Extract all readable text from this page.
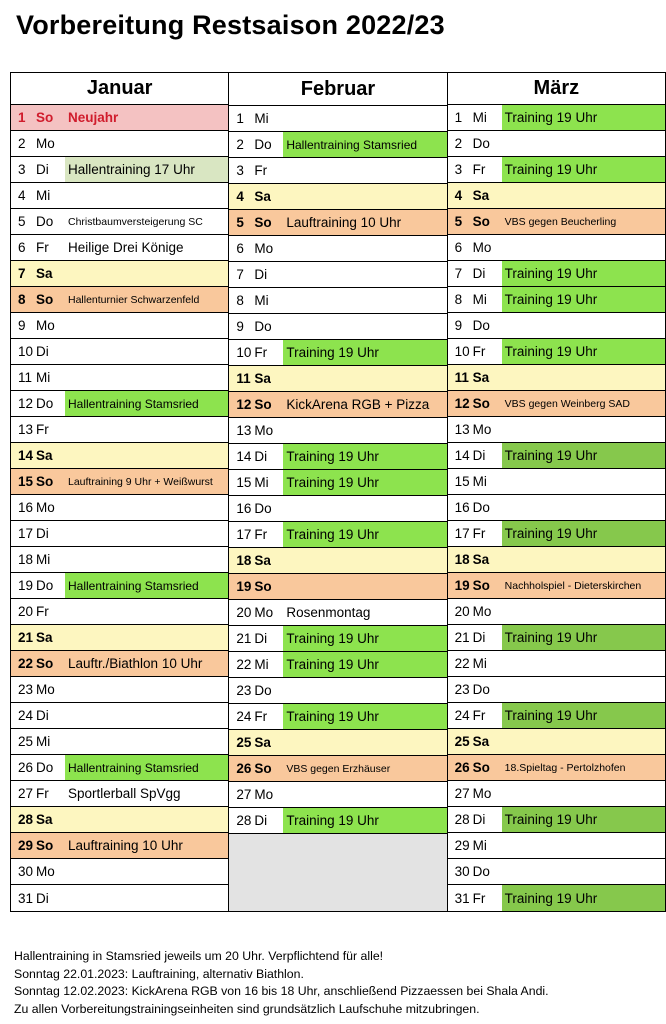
Vorbereitung Restsaison 2022/23
Januar
1 So Neujahr
2 Mo
3 Di Hallentraining 17 Uhr
4 Mi
5 Do Christbaumversteigerung SC
6 Fr Heilige Drei Könige
7 Sa
8 So Hallenturnier Schwarzenfeld
9 Mo
10 Di
11 Mi
12 Do Hallentraining Stamsried
13 Fr
14 Sa
15 So Lauftraining 9 Uhr + Weißwurst
16 Mo
17 Di
18 Mi
19 Do Hallentraining Stamsried
20 Fr
21 Sa
22 So Lauftr./Biathlon 10 Uhr
23 Mo
24 Di
25 Mi
26 Do Hallentraining Stamsried
27 Fr Sportlerball SpVgg
28 Sa
29 So Lauftraining 10 Uhr
30 Mo
31 Di
Februar
1 Mi
2 Do Hallentraining Stamsried
3 Fr
4 Sa
5 So Lauftraining 10 Uhr
6 Mo
7 Di
8 Mi
9 Do
10 Fr Training 19 Uhr
11 Sa
12 So KickArena RGB + Pizza
13 Mo
14 Di Training 19 Uhr
15 Mi Training 19 Uhr
16 Do
17 Fr Training 19 Uhr
18 Sa
19 So
20 Mo Rosenmontag
21 Di Training 19 Uhr
22 Mi Training 19 Uhr
23 Do
24 Fr Training 19 Uhr
25 Sa
26 So VBS gegen Erzhäuser
27 Mo
28 Di Training 19 Uhr
März
1 Mi Training 19 Uhr
2 Do
3 Fr Training 19 Uhr
4 Sa
5 So VBS gegen Beucherling
6 Mo
7 Di Training 19 Uhr
8 Mi Training 19 Uhr
9 Do
10 Fr Training 19 Uhr
11 Sa
12 So VBS gegen Weinberg SAD
13 Mo
14 Di Training 19 Uhr
15 Mi
16 Do
17 Fr Training 19 Uhr
18 Sa
19 So Nachholspiel - Dieterskirchen
20 Mo
21 Di Training 19 Uhr
22 Mi
23 Do
24 Fr Training 19 Uhr
25 Sa
26 So 18.Spieltag - Pertolzhofen
27 Mo
28 Di Training 19 Uhr
29 Mi
30 Do
31 Fr Training 19 Uhr
Hallentraining in Stamsried jeweils um 20 Uhr. Verpflichtend für alle!
Sonntag 22.01.2023: Lauftraining, alternativ Biathlon.
Sonntag 12.02.2023: KickArena RGB von 16 bis 18 Uhr, anschließend Pizzaessen bei Shala Andi.
Zu allen Vorbereitungstrainingseinheiten sind grundsätzlich Laufschuhe mitzubringen.
